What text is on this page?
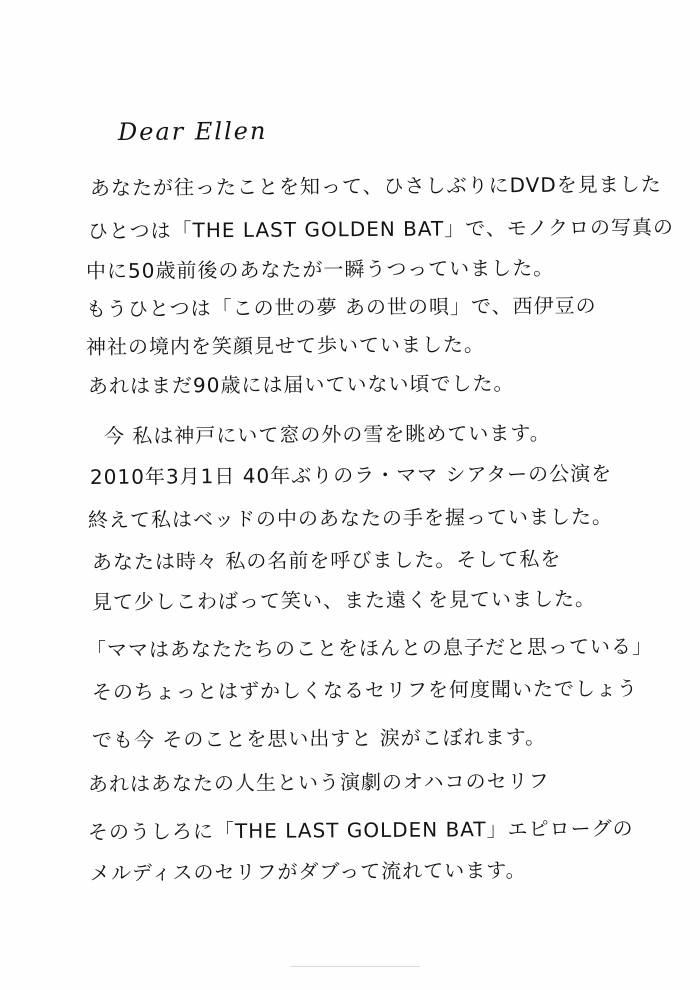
Dear Ellen
あなたが往ったことを知って、ひさしぶりにDVDを見ました
ひとつは「THE LAST GOLDEN BAT」で、モノクロの写真の
中に50歳前後のあなたが一瞬うつっていました。
もうひとつは「この世の夢 あの世の唄」で、西伊豆の
神社の境内を笑顔見せて歩いていました。
あれはまだ90歳には届いていない頃でした。
今 私は神戸にいて窓の外の雪を眺めています。
2010年3月1日 40年ぶりのラ・ママ シアターの公演を
終えて私はベッドの中のあなたの手を握っていました。
あなたは時々 私の名前を呼びました。そして私を
見て少しこわばって笑い、また遠くを見ていました。
「ママはあなたたちのことをほんとの息子だと思っている」
そのちょっとはずかしくなるセリフを何度聞いたでしょう
でも今 そのことを思い出すと 涙がこぼれます。
あれはあなたの人生という演劇のオハコのセリフ
そのうしろに「THE LAST GOLDEN BAT」エピローグの
メルディスのセリフがダブって流れています。
